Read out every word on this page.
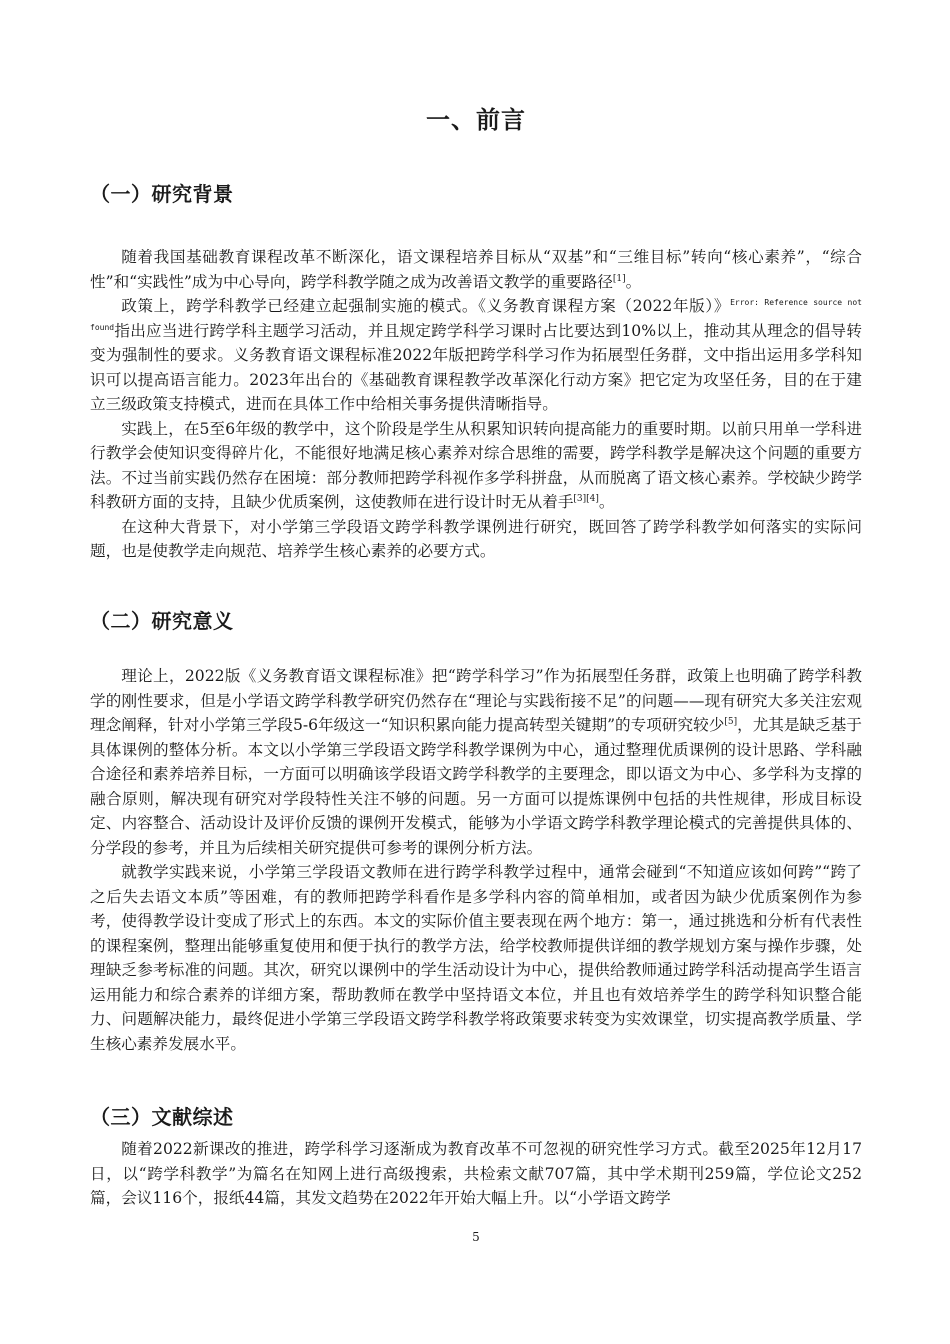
一、前言
（一）研究背景

随着我国基础教育课程改革不断深化，语文课程培养目标从“双基”和“三维目标”转向“核心素养”，“综合性”和“实践性”成为中心导向，跨学科教学随之成为改善语文教学的重要路径[1]。

政策上，跨学科教学已经建立起强制实施的模式。《义务教育课程方案（2022年版）》$^{Error: Reference source not found}$指出应当进行跨学科主题学习活动，并且规定跨学科学习课时占比要达到10%以上，推动其从理念的倡导转变为强制性的要求。义务教育语文课程标准2022年版把跨学科学习作为拓展型任务群，文中指出运用多学科知识可以提高语言能力。2023年出台的《基础教育课程教学改革深化行动方案》把它定为攻坚任务，目的在于建立三级政策支持模式，进而在具体工作中给相关事务提供清晰指导。

实践上，在5至6年级的教学中，这个阶段是学生从积累知识转向提高能力的重要时期。以前只用单一学科进行教学会使知识变得碎片化，不能很好地满足核心素养对综合思维的需要，跨学科教学是解决这个问题的重要方法。不过当前实践仍然存在困境：部分教师把跨学科视作多学科拼盘，从而脱离了语文核心素养。学校缺少跨学科教研方面的支持，且缺少优质案例，这使教师在进行设计时无从着手[3][4]。

在这种大背景下，对小学第三学段语文跨学科教学课例进行研究，既回答了跨学科教学如何落实的实际问题，也是使教学走向规范、培养学生核心素养的必要方式。

（二）研究意义

理论上，2022版《义务教育语文课程标准》把“跨学科学习”作为拓展型任务群，政策上也明确了跨学科教学的刚性要求，但是小学语文跨学科教学研究仍然存在“理论与实践衔接不足”的问题——现有研究大多关注宏观理念阐释，针对小学第三学段5-6年级这一“知识积累向能力提高转型关键期”的专项研究较少[5]，尤其是缺乏基于具体课例的整体分析。本文以小学第三学段语文跨学科教学课例为中心，通过整理优质课例的设计思路、学科融合途径和素养培养目标，一方面可以明确该学段语文跨学科教学的主要理念，即以语文为中心、多学科为支撑的融合原则，解决现有研究对学段特性关注不够的问题。另一方面可以提炼课例中包括的共性规律，形成目标设定、内容整合、活动设计及评价反馈的课例开发模式，能够为小学语文跨学科教学理论模式的完善提供具体的、分学段的参考，并且为后续相关研究提供可参考的课例分析方法。

就教学实践来说，小学第三学段语文教师在进行跨学科教学过程中，通常会碰到“不知道应该如何跨”“跨了之后失去语文本质”等困难，有的教师把跨学科看作是多学科内容的简单相加，或者因为缺少优质案例作为参考，使得教学设计变成了形式上的东西。本文的实际价值主要表现在两个地方：第一，通过挑选和分析有代表性的课程案例，整理出能够重复使用和便于执行的教学方法，给学校教师提供详细的教学规划方案与操作步骤，处理缺乏参考标准的问题。其次，研究以课例中的学生活动设计为中心，提供给教师通过跨学科活动提高学生语言运用能力和综合素养的详细方案，帮助教师在教学中坚持语文本位，并且也有效培养学生的跨学科知识整合能力、问题解决能力，最终促进小学第三学段语文跨学科教学将政策要求转变为实效课堂，切实提高教学质量、学生核心素养发展水平。

（三）文献综述

随着2022新课改的推进，跨学科学习逐渐成为教育改革不可忽视的研究性学习方式。截至2025年12月17日，以“跨学科教学”为篇名在知网上进行高级搜索，共检索文献707篇，其中学术期刊259篇，学位论文252篇，会议116个，报纸44篇，其发文趋势在2022年开始大幅上升。以“小学语文跨学

5
